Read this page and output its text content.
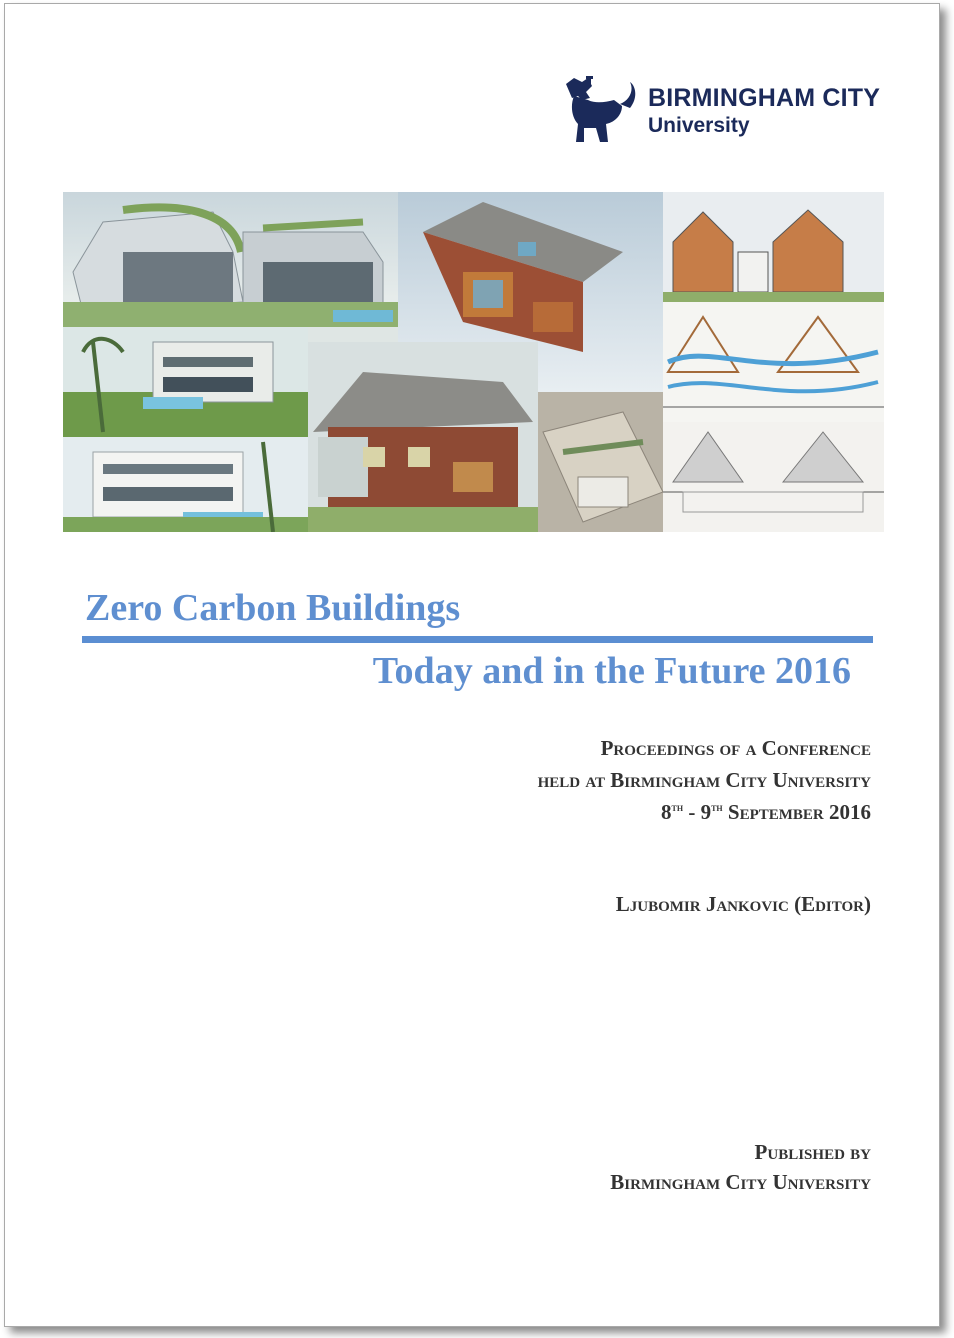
BIRMINGHAM CITY
University
Zero Carbon Buildings
Today and in the Future 2016
Proceedings of a Conference
held at Birmingham City University
8th - 9th September 2016
Ljubomir Jankovic (Editor)
Published by
Birmingham City University
